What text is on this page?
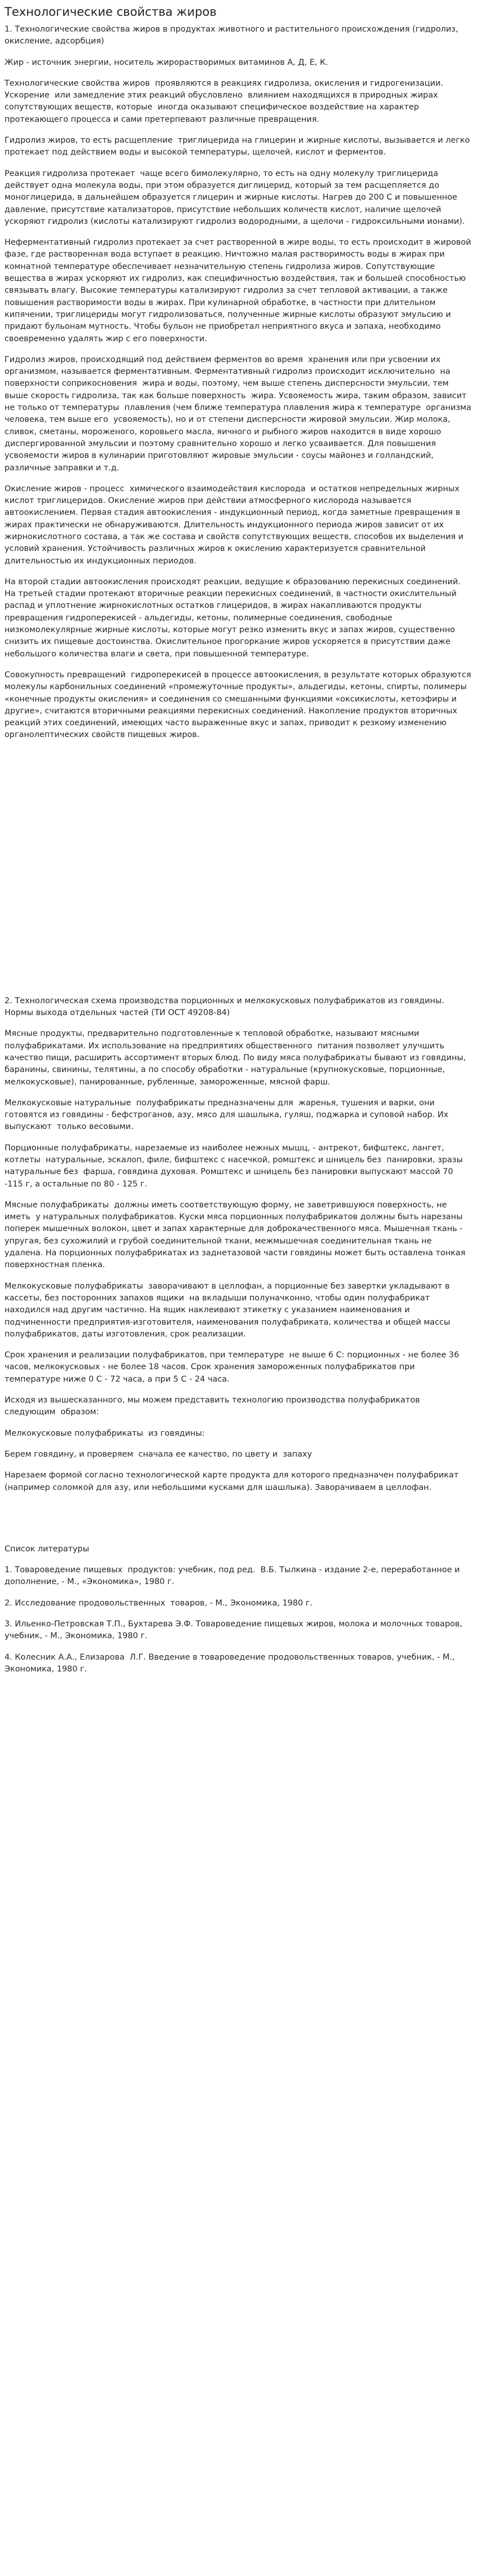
Технологические свойства жиров

1. Технологические свойства жиров в продуктах животного и растительного происхождения (гидролиз, окисление, адсорбция)

Жир - источник энергии, носитель жирорастворимых витаминов А, Д, Е, К.

Технологические свойства жиров  проявляются в реакциях гидролиза, окисления и гидрогенизации. Ускорение  или замедление этих реакций обусловлено  влиянием находящихся в природных жирах сопутствующих веществ, которые  иногда оказывают специфическое воздействие на характер протекающего процесса и сами претерпевают различные превращения.

Гидролиз жиров, то есть расщепление  триглицерида на глицерин и жирные кислоты, вызывается и легко протекает под действием воды и высокой температуры, щелочей, кислот и ферментов.

Реакция гидролиза протекает  чаще всего бимолекулярно, то есть на одну молекулу триглицерида действует одна молекула воды, при этом образуется диглицерид, который за тем расщепляется до моноглицерида, в дальнейшем образуется глицерин и жирные кислоты. Нагрев до 200 С и повышенное давление, присутствие катализаторов, присутствие небольших количеств кислот, наличие щелочей ускоряют гидролиз (кислоты катализируют гидролиз водородными, а щелочи - гидроксильными ионами).

Неферментативный гидролиз протекает за счет растворенной в жире воды, то есть происходит в жировой фазе, где растворенная вода вступает в реакцию. Ничтожно малая растворимость воды в жирах при комнатной температуре обеспечивает незначительную степень гидролиза жиров. Сопутствующие вещества в жирах ускоряют их гидролиз, как специфичностью воздействия, так и большей способностью связывать влагу. Высокие температуры катализируют гидролиз за счет тепловой активации, а также повышения растворимости воды в жирах. При кулинарной обработке, в частности при длительном кипячении, триглицериды могут гидролизоваться, полученные жирные кислоты образуют эмульсию и придают бульонам мутность. Чтобы бульон не приобретал неприятного вкуса и запаха, необходимо своевременно удалять жир с его поверхности.

Гидролиз жиров, происходящий под действием ферментов во время  хранения или при усвоении их организмом, называется ферментативным. Ферментативный гидролиз происходит исключительно  на поверхности соприкосновения  жира и воды, поэтому, чем выше степень дисперсности эмульсии, тем выше скорость гидролиза, так как больше поверхность  жира. Усвояемость жира, таким образом, зависит не только от температуры  плавления (чем ближе температура плавления жира к температуре  организма человека, тем выше его  усвояемость), но и от степени дисперсности жировой эмульсии. Жир молока, сливок, сметаны, мороженого, коровьего масла, яичного и рыбного жиров находится в виде хорошо диспергированной эмульсии и поэтому сравнительно хорошо и легко усваивается. Для повышения усвояемости жиров в кулинарии приготовляют жировые эмульсии - соусы майонез и голландский, различные заправки и т.д.

Окисление жиров - процесс  химического взаимодействия кислорода  и остатков непредельных жирных кислот триглицеридов. Окисление жиров при действии атмосферного кислорода называется автоокислением. Первая стадия автоокисления - индукционный период, когда заметные превращения в жирах практически не обнаруживаются. Длительность индукционного периода жиров зависит от их жирнокислотного состава, а так же состава и свойств сопутствующих веществ, способов их выделения и условий хранения. Устойчивость различных жиров к окислению характеризуется сравнительной длительностью их индукционных периодов.

На второй стадии автоокисления происходят реакции, ведущие к образованию перекисных соединений. На третьей стадии протекают вторичные реакции перекисных соединений, в частности окислительный распад и уплотнение жирнокислотных остатков глицеридов, в жирах накапливаются продукты превращения гидроперекисей - альдегиды, кетоны, полимерные соединения, свободные низкомолекулярные жирные кислоты, которые могут резко изменить вкус и запах жиров, существенно снизить их пищевые достоинства. Окислительное прогоркание жиров ускоряется в присутствии даже небольшого количества влаги и света, при повышенной температуре.

Совокупность превращений  гидроперекисей в процессе автоокисления, в результате которых образуются молекулы карбонильных соединений «промежуточные продукты», альдегиды, кетоны, спирты, полимеры «конечные продукты окисления» и соединения со смешанными функциями «оксикислоты, кетоэфиры и другие», считаются вторичными реакциями перекисных соединений. Накопление продуктов вторичных реакций этих соединений, имеющих часто выраженные вкус и запах, приводит к резкому изменению органолептических свойств пищевых жиров.

2. Технологическая схема производства порционных и мелкокусковых полуфабрикатов из говядины. Нормы выхода отдельных частей (ТИ ОСТ 49208-84)

Мясные продукты, предварительно подготовленные к тепловой обработке, называют мясными полуфабрикатами. Их использование на предприятиях общественного  питания позволяет улучшить качество пищи, расширить ассортимент вторых блюд. По виду мяса полуфабрикаты бывают из говядины, баранины, свинины, телятины, а по способу обработки - натуральные (крупнокусковые, порционные, мелкокусковые), панированные, рубленные, замороженные, мясной фарш.

Мелкокусковые натуральные  полуфабрикаты предназначены для  жаренья, тушения и варки, они  готовятся из говядины - бефстроганов, азу, мясо для шашлыка, гуляш, поджарка и суповой набор. Их выпускают  только весовыми.

Порционные полуфабрикаты, нарезаемые из наиболее нежных мышц, - антрекот, бифштекс, лангет, котлеты  натуральные, эскалоп, филе, бифштекс с насечкой, ромштекс и шницель без  панировки, зразы натуральные без  фарша, говядина духовая. Ромштекс и шницель без панировки выпускают массой 70 -115 г, а остальные по 80 - 125 г.

Мясные полуфабрикаты  должны иметь соответствующую форму, не заветрившуюся поверхность, не иметь  у натуральных полуфабрикатов. Куски мяса порционных полуфабрикатов должны быть нарезаны поперек мышечных волокон, цвет и запах характерные для доброкачественного мяса. Мышечная ткань - упругая, без сухожилий и грубой соединительной ткани, межмышечная соединительная ткань не удалена. На порционных полуфабрикатах из заднетазовой части говядины может быть оставлена тонкая поверхностная пленка.

Мелкокусковые полуфабрикаты  заворачивают в целлофан, а порционные без завертки укладывают в кассеты, без посторонних запахов ящики  на вкладыши полуначконно, чтобы один полуфабрикат находился над другим частично. На ящик наклеивают этикетку с указанием наименования и подчиненности предприятия-изготовителя, наименования полуфабриката, количества и общей массы полуфабрикатов, даты изготовления, срок реализации.

Срок хранения и реализации полуфабрикатов, при температуре  не выше 6 С: порционных - не более 36 часов, мелкокусковых - не более 18 часов. Срок хранения замороженных полуфабрикатов при температуре ниже 0 С - 72 часа, а при 5 С - 24 часа.

Исходя из вышесказанного, мы можем представить технологию производства полуфабрикатов следующим  образом:

Мелкокусковые полуфабрикаты  из говядины:

Берем говядину, и проверяем  сначала ее качество, по цвету и  запаху

Нарезаем формой согласно технологической карте продукта для которого предназначен полуфабрикат (например соломкой для азу, или небольшими кусками для шашлыка). Заворачиваем в целлофан.

Список литературы

1. Товароведение пищевых  продуктов: учебник, под ред.  В.Б. Тылкина - издание 2-е, переработанное и дополнение, - М., «Экономика», 1980 г.

2. Исследование продовольственных  товаров, - М., Экономика, 1980 г.

3. Ильенко-Петровская Т.П., Бухтарева Э.Ф. Товароведение пищевых жиров, молока и молочных товаров, учебник, - М., Экономика, 1980 г.

4. Колесник А.А., Елизарова  Л.Г. Введение в товароведение продовольственных товаров, учебник, - М., Экономика, 1980 г.
